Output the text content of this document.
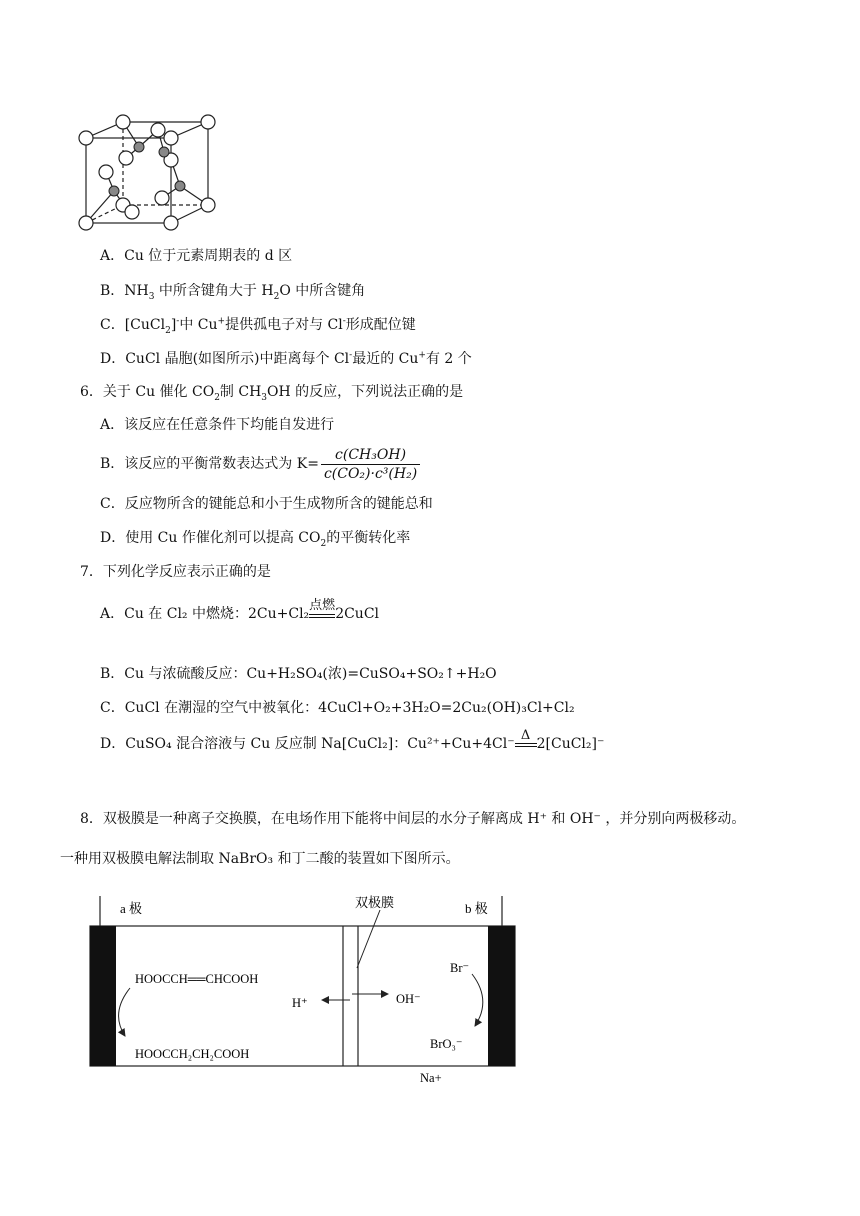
A．Cu 位于元素周期表的 d 区
B．$NH_3$ 中所含键角大于 $H_2O$ 中所含键角
C．[CuCl$_2$]-中 Cu+提供孤电子对与 Cl-形成配位键
D．CuCl 晶胞(如图所示)中距离每个 Cl-最近的 Cu+有 2 个
6．关于 Cu 催化 $CO_2$制 $CH_3OH$ 的反应，下列说法正确的是
A．该反应在任意条件下均能自发进行
B．该反应的平衡常数表达式为 $K= \frac{\text{c(CH₃OH)}}{\text{c(CO₂)·c³(H₂)}}$
C．反应物所含的键能总和小于生成物所含的键能总和
D．使用 Cu 作催化剂可以提高 $CO_2$的平衡转化率
7．下列化学反应表示正确的是
A．Cu 在 Cl₂ 中燃烧：2Cu+Cl₂
点燃
2CuCl
B．Cu 与浓硫酸反应：Cu+H₂SO₄(浓)=CuSO₄+SO₂↑+H₂O
C．CuCl 在潮湿的空气中被氧化：4CuCl+O₂+3H₂O=2Cu₂(OH)₃Cl+Cl₂
D．CuSO₄ 混合溶液与 Cu 反应制 Na[CuCl₂]：Cu²⁺+Cu+4Cl⁻
Δ
2[CuCl₂]⁻
8．双极膜是一种离子交换膜，在电场作用下能将中间层的水分子解离成 H⁺ 和 OH⁻ ，并分别向两极移动。
一种用双极膜电解法制取 NaBrO₃ 和丁二酸的装置如下图所示。
a 极	b 极
双极膜
HOOCCH══CHCOOH
HOOCCH₂CH₂COOH
H⁺	OH⁻
Br⁻
BrO₃⁻
Na+
